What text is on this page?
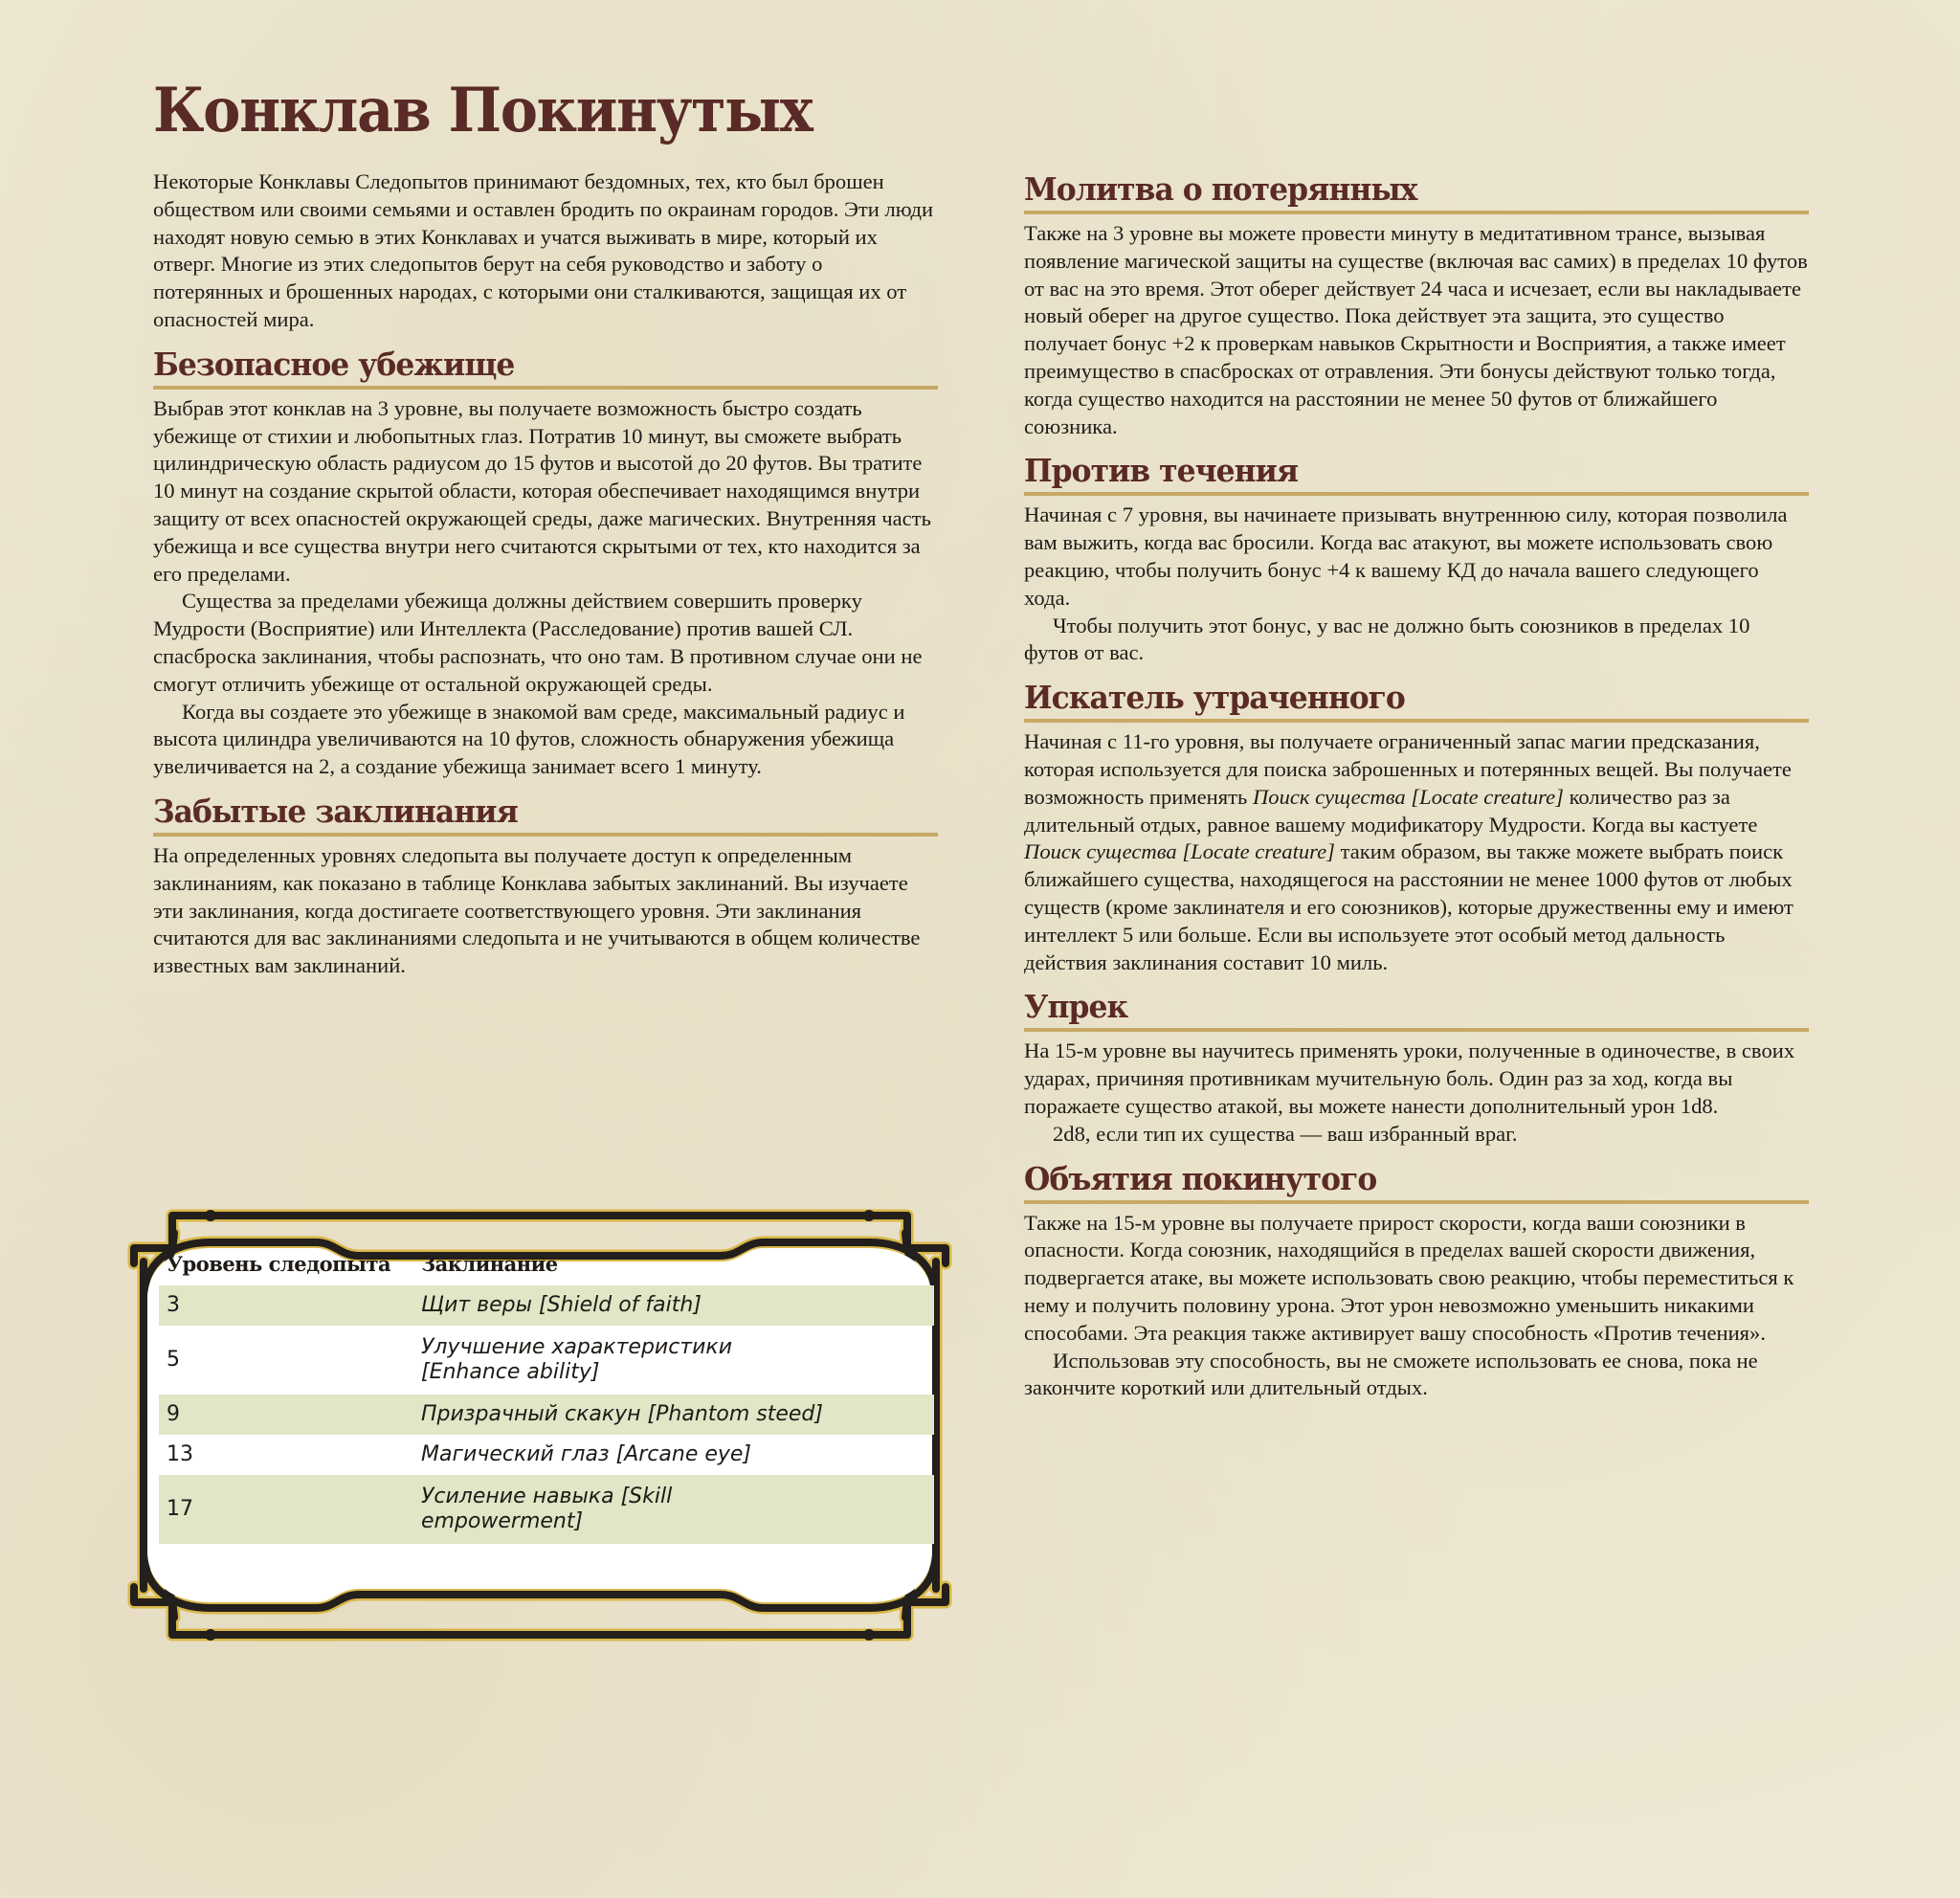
Конклав Покинутых

Некоторые Конклавы Следопытов принимают бездомных, тех, кто был брошен обществом или своими семьями и оставлен бродить по окраинам городов. Эти люди находят новую семью в этих Конклавах и учатся выживать в мире, который их отверг. Многие из этих следопытов берут на себя руководство и заботу о потерянных и брошенных народах, с которыми они сталкиваются, защищая их от опасностей мира.

Безопасное убежище

Выбрав этот конклав на 3 уровне, вы получаете возможность быстро создать убежище от стихии и любопытных глаз. Потратив 10 минут, вы сможете выбрать цилиндрическую область радиусом до 15 футов и высотой до 20 футов. Вы тратите 10 минут на создание скрытой области, которая обеспечивает находящимся внутри защиту от всех опасностей окружающей среды, даже магических. Внутренняя часть убежища и все существа внутри него считаются скрытыми от тех, кто находится за его пределами.

Существа за пределами убежища должны действием совершить проверку Мудрости (Восприятие) или Интеллекта (Расследование) против вашей СЛ. спасброска заклинания, чтобы распознать, что оно там. В противном случае они не смогут отличить убежище от остальной окружающей среды.

Когда вы создаете это убежище в знакомой вам среде, максимальный радиус и высота цилиндра увеличиваются на 10 футов, сложность обнаружения убежища увеличивается на 2, а создание убежища занимает всего 1 минуту.

Забытые заклинания

На определенных уровнях следопыта вы получаете доступ к определенным заклинаниям, как показано в таблице Конклава забытых заклинаний. Вы изучаете эти заклинания, когда достигаете соответствующего уровня. Эти заклинания считаются для вас заклинаниями следопыта и не учитываются в общем количестве известных вам заклинаний.

Уровень следопыта	Заклинание
3	Щит веры [Shield of faith]
5	Улучшение характеристики [Enhance ability]
9	Призрачный скакун [Phantom steed]
13	Магический глаз [Arcane eye]
17	Усиление навыка [Skill empowerment]
Молитва о потерянных

Также на 3 уровне вы можете провести минуту в медитативном трансе, вызывая появление магической защиты на существе (включая вас самих) в пределах 10 футов от вас на это время. Этот оберег действует 24 часа и исчезает, если вы накладываете новый оберег на другое существо. Пока действует эта защита, это существо получает бонус +2 к проверкам навыков Скрытности и Восприятия, а также имеет преимущество в спасбросках от отравления. Эти бонусы действуют только тогда, когда существо находится на расстоянии не менее 50 футов от ближайшего союзника.

Против течения

Начиная с 7 уровня, вы начинаете призывать внутреннюю силу, которая позволила вам выжить, когда вас бросили. Когда вас атакуют, вы можете использовать свою реакцию, чтобы получить бонус +4 к вашему КД до начала вашего следующего хода.

Чтобы получить этот бонус, у вас не должно быть союзников в пределах 10 футов от вас.

Искатель утраченного

Начиная с 11-го уровня, вы получаете ограниченный запас магии предсказания, которая используется для поиска заброшенных и потерянных вещей. Вы получаете возможность применять Поиск существа [Locate creature] количество раз за длительный отдых, равное вашему модификатору Мудрости. Когда вы кастуете Поиск существа [Locate creature] таким образом, вы также можете выбрать поиск ближайшего существа, находящегося на расстоянии не менее 1000 футов от любых существ (кроме заклинателя и его союзников), которые дружественны ему и имеют интеллект 5 или больше. Если вы используете этот особый метод дальность действия заклинания составит 10 миль.

Упрек

На 15-м уровне вы научитесь применять уроки, полученные в одиночестве, в своих ударах, причиняя противникам мучительную боль. Один раз за ход, когда вы поражаете существо атакой, вы можете нанести дополнительный урон 1d8.

2d8, если тип их существа — ваш избранный враг.

Объятия покинутого

Также на 15-м уровне вы получаете прирост скорости, когда ваши союзники в опасности. Когда союзник, находящийся в пределах вашей скорости движения, подвергается атаке, вы можете использовать свою реакцию, чтобы переместиться к нему и получить половину урона. Этот урон невозможно уменьшить никакими способами. Эта реакция также активирует вашу способность «Против течения».

Использовав эту способность, вы не сможете использовать ее снова, пока не закончите короткий или длительный отдых.
